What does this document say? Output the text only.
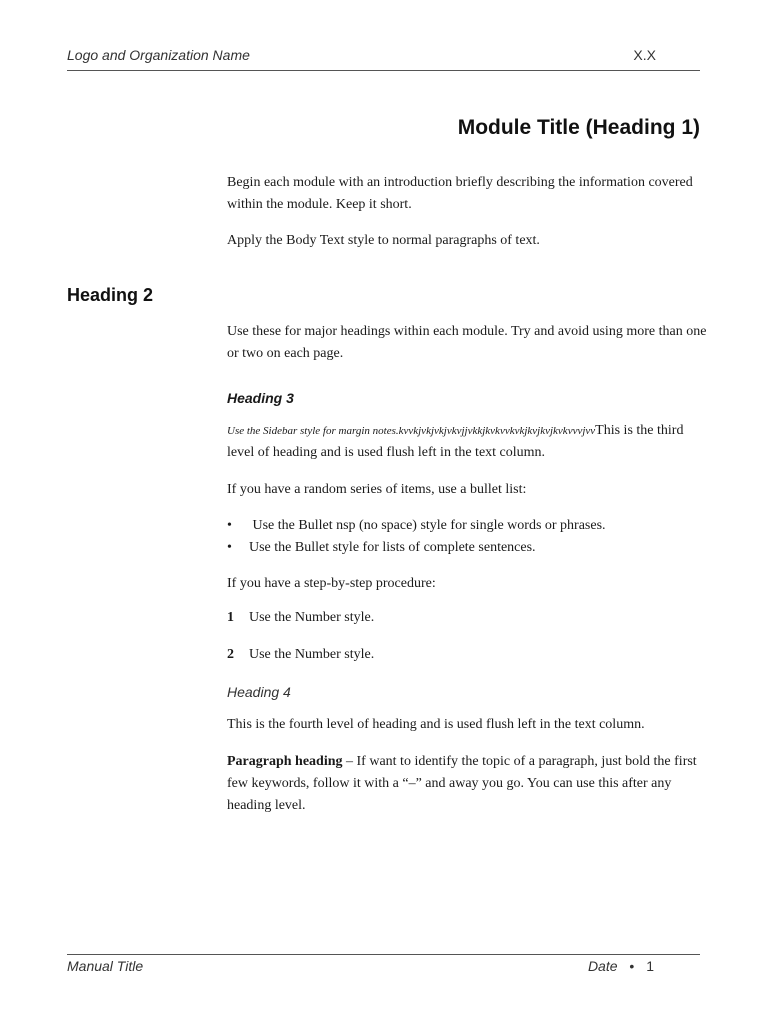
Logo and Organization Name	X.X
Module Title (Heading 1)

Begin each module with an introduction briefly describing the information covered within the module. Keep it short.

Apply the Body Text style to normal paragraphs of text.

Heading 2

Use these for major headings within each module. Try and avoid using more than one or two on each page.

Heading 3

Use the Sidebar style for margin notes.kvvkjvkjvkjvkvjjvkkjkvkvvkvkjkvjkvjkvkvvvjvvThis is the third level of heading and is used flush left in the text column.

If you have a random series of items, use a bullet list:

•	Use the Bullet nsp (no space) style for single words or phrases.
•	Use the Bullet style for lists of complete sentences.

If you have a step-by-step procedure:

1	Use the Number style.
2	Use the Number style.
Heading 4

This is the fourth level of heading and is used flush left in the text column.

Paragraph heading – If want to identify the topic of a paragraph, just bold the first few keywords, follow it with a “–” and away you go. You can use this after any heading level.

Manual Title	Date • 1
